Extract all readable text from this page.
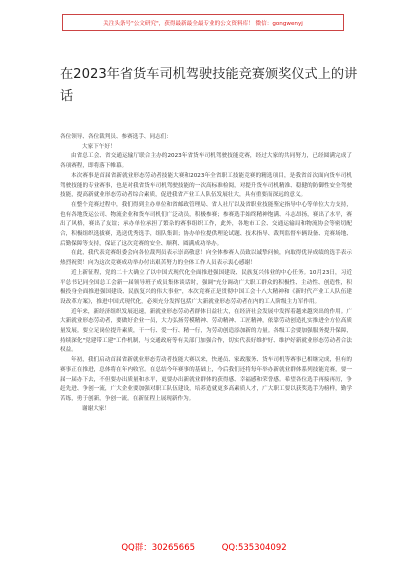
关注头条号"公文研究"，获得最新最全最专业的公文资料库！ 微信：gongwenyj
在2023年省货车司机驾驶技能竞赛颁奖仪式上的讲话

各位领导、各位裁判员、参赛选手、同志们：

大家下午好！

由省总工会、省交通运输厅联合主办的2023年省货车司机驾驶技能竞赛，经过大家的共同努力，已经圆满完成了各项赛程，即将落下帷幕。

本次赛事是首届省新就业形态劳动者技能大赛和2023年全省职工技能竞赛的精选项目，是我省首次面向货车司机驾驶技能的专业赛事，也是对我省货车司机驾驶技能的一次高标准检阅，对提升货车司机精准、稳健的防御性安全驾驶技能，提高新就业形态劳动者综合素质，促进我省产业工人队伍发展壮大，具有重要而深远的意义。

在整个竞赛过程中，我们得到主办单位和省邮政管理局、省人社厅以及省职业技能鉴定指导中心等单位大力支持，也有各地货运公司、物流企业和货车司机们广泛动员，积极参赛；参赛选手始终精神饱满、斗志昂扬，赛出了水平，赛出了风格，赛出了友谊；承办单位承担了繁杂的赛事组织工作，此外，各地市工会、交通运输局和物流协会等密切配合，积极组织选拔赛，选送优秀选手，组队集训；协办单位提供理论试题、技术指导、裁判监督车辆设备、竞赛场地、后勤保障等支持，保证了这次竞赛的安全、顺利、圆满成功举办。

在此，我代表竞赛组委会向各位裁判员表示崇高敬意！向全体参赛人员致以诚挚问候，向取得优异成绩的选手表示热烈祝贺！向为这次竞赛成功举办付出艰苦努力的全体工作人员表示衷心感谢！

近上新征程，党的二十大确立了以中国式现代化全面推进强国建设、民族复兴伟业的中心任务。10月23日，习近平总书记同全国总工会新一届领导班子成员集体谈话时，强调"充分调动广大职工群众的积极性、主动性、创造性，积极投身全面推进强国建设、民族复兴的伟大事业"，本次竞赛正是贯彻中国工会十八大精神和《新时代产业工人队伍建设改革方案》，推进中国式现代化，必须充分发挥包括广大新就业形态劳动者在内的工人阶级主力军作用。

近年来，新经济组织发展迅速，新就业形态劳动者群体日益壮大，在经济社会发展中发挥着越来越突出的作用。广大新就业形态劳动者，要做好企业一员，大力弘扬劳模精神、劳动精神、工匠精神，依靠劳动创造扎实推进全方位高质量发展。要立足岗位提升素质，干一行、爱一行、精一行，为劳动创造添加新的力量。各级工会要加强服务提升保障，持续深化"党建带工建"工作机制，与交通政府等有关部门加强合作，切实代表好维护好、维护好新就业形态劳动者合法权益。

年初，我们启动首届省新就业形态劳动者技能大赛以来，快递员、家政服务、货车司机等赛事已相继完成，但有的赛事正在推进，总体将在年内收官。在总结今年赛事的基础上，今后我们还将每年举办新就业群体系列技能竞赛，要一届一届办下去，不但要办出质量和水平，更要办出新就业群体的获得感、幸福感和荣誉感。希望各位选手再接再厉，争赶先进、争创一流，广大企业要加强对职工队伍建设，培养造就更多高素质人才，广大职工要以获奖选手为榜样，勤学苦练，勇于创新，争创一流。在新征程上展现新作为。

谢谢大家！

QQ群：30265665	QQ:535304092
